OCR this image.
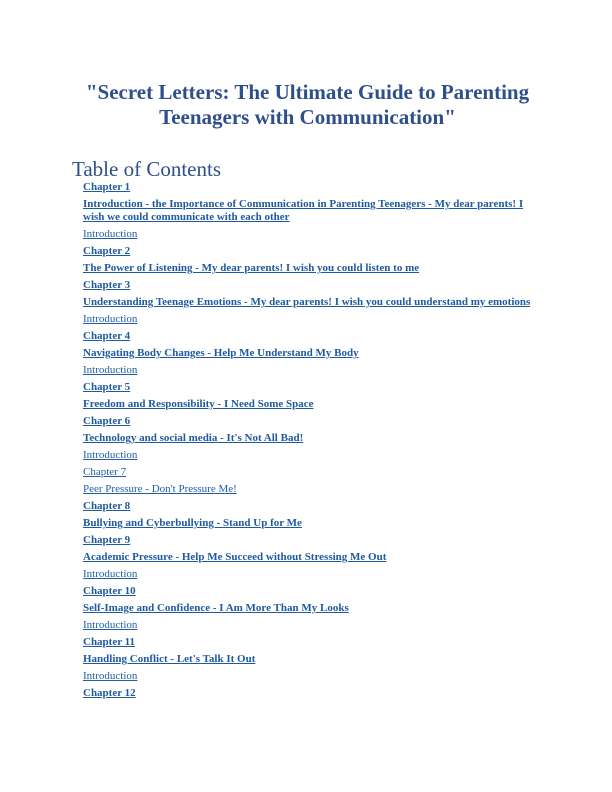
"Secret Letters: The Ultimate Guide to Parenting Teenagers with Communication"
Table of Contents
Chapter 1
Introduction - the Importance of Communication in Parenting Teenagers - My dear parents! I wish we could communicate with each other
Introduction
Chapter 2
The Power of Listening - My dear parents! I wish you could listen to me
Chapter 3
Understanding Teenage Emotions - My dear parents! I wish you could understand my emotions
Introduction
Chapter 4
Navigating Body Changes - Help Me Understand My Body
Introduction
Chapter 5
Freedom and Responsibility - I Need Some Space
Chapter 6
Technology and social media - It's Not All Bad!
Introduction
Chapter 7
Peer Pressure - Don't Pressure Me!
Chapter 8
Bullying and Cyberbullying - Stand Up for Me
Chapter 9
Academic Pressure - Help Me Succeed without Stressing Me Out
Introduction
Chapter 10
Self-Image and Confidence - I Am More Than My Looks
Introduction
Chapter 11
Handling Conflict - Let's Talk It Out
Introduction
Chapter 12
